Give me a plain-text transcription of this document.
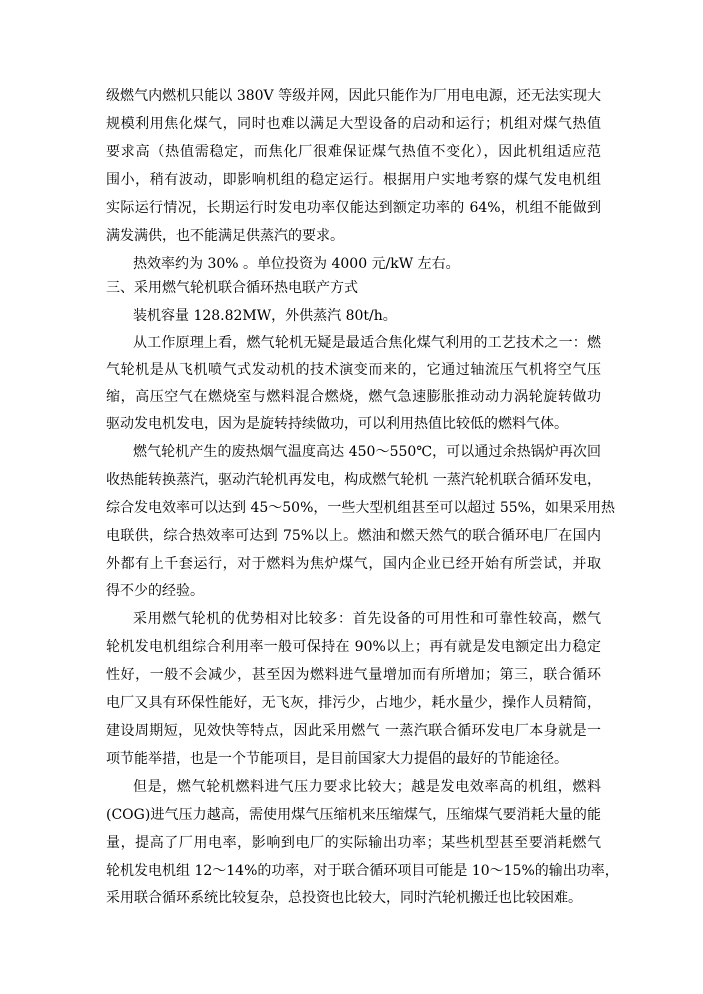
级燃气内燃机只能以 380V 等级并网，因此只能作为厂用电电源，还无法实现大
规模利用焦化煤气，同时也难以满足大型设备的启动和运行；机组对煤气热值
要求高（热值需稳定，而焦化厂很难保证煤气热值不变化），因此机组适应范
围小，稍有波动，即影响机组的稳定运行。根据用户实地考察的煤气发电机组
实际运行情况，长期运行时发电功率仅能达到额定功率的 64%，机组不能做到
满发满供，也不能满足供蒸汽的要求。
热效率约为 30% 。单位投资为 4000 元/kW 左右。
三、采用燃气轮机联合循环热电联产方式
装机容量 128.82MW，外供蒸汽 80t/h。
从工作原理上看，燃气轮机无疑是最适合焦化煤气利用的工艺技术之一：燃
气轮机是从飞机喷气式发动机的技术演变而来的，它通过轴流压气机将空气压
缩，高压空气在燃烧室与燃料混合燃烧，燃气急速膨胀推动动力涡轮旋转做功
驱动发电机发电，因为是旋转持续做功，可以利用热值比较低的燃料气体。
燃气轮机产生的废热烟气温度高达 450～550℃，可以通过余热锅炉再次回
收热能转换蒸汽，驱动汽轮机再发电，构成燃气轮机 一蒸汽轮机联合循环发电，
综合发电效率可以达到 45～50%，一些大型机组甚至可以超过 55%，如果采用热
电联供，综合热效率可达到 75%以上。燃油和燃天然气的联合循环电厂在国内
外都有上千套运行，对于燃料为焦炉煤气，国内企业已经开始有所尝试，并取
得不少的经验。
采用燃气轮机的优势相对比较多：首先设备的可用性和可靠性较高，燃气
轮机发电机组综合利用率一般可保持在 90%以上；再有就是发电额定出力稳定
性好，一般不会减少，甚至因为燃料进气量增加而有所增加；第三，联合循环
电厂又具有环保性能好，无飞灰，排污少，占地少，耗水量少，操作人员精简，
建设周期短，见效快等特点，因此采用燃气 一蒸汽联合循环发电厂本身就是一
项节能举措，也是一个节能项目，是目前国家大力提倡的最好的节能途径。
但是，燃气轮机燃料进气压力要求比较大；越是发电效率高的机组，燃料
(COG)进气压力越高，需使用煤气压缩机来压缩煤气，压缩煤气要消耗大量的能
量，提高了厂用电率，影响到电厂的实际输出功率；某些机型甚至要消耗燃气
轮机发电机组 12～14%的功率，对于联合循环项目可能是 10～15%的输出功率，
采用联合循环系统比较复杂，总投资也比较大，同时汽轮机搬迁也比较困难。
